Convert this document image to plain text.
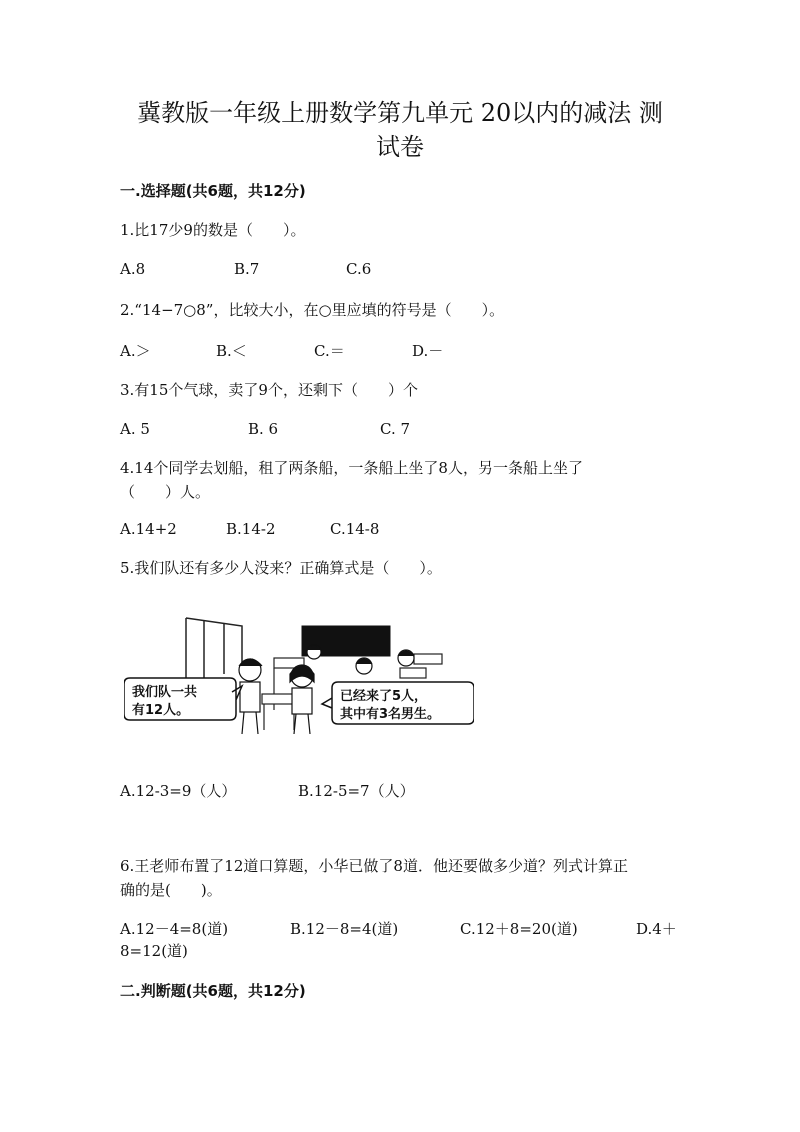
冀教版一年级上册数学第九单元 20以内的减法 测
试卷
一.选择题(共6题，共12分)
1.比17少9的数是（　　）。
A.8	B.7	C.6
2.“14−7○8”，比较大小，在○里应填的符号是（　　）。
A.＞	B.＜	C.＝	D.－
3.有15个气球，卖了9个，还剩下（　　）个
A. 5	B. 6	C. 7
4.14个同学去划船，租了两条船，一条船上坐了8人，另一条船上坐了
（　　）人。
A.14+2	B.14-2	C.14-8
5.我们队还有多少人没来？正确算式是（　　）。
我们队一共
有12人。
已经来了5人，
其中有3名男生。
A.12-3=9（人）	B.12-5=7（人）
6.王老师布置了12道口算题，小华已做了8道．他还要做多少道？列式计算正
确的是(　　)。
A.12－4=8(道)	B.12－8=4(道)	C.12＋8=20(道)	D.4＋
8=12(道)
二.判断题(共6题，共12分)
